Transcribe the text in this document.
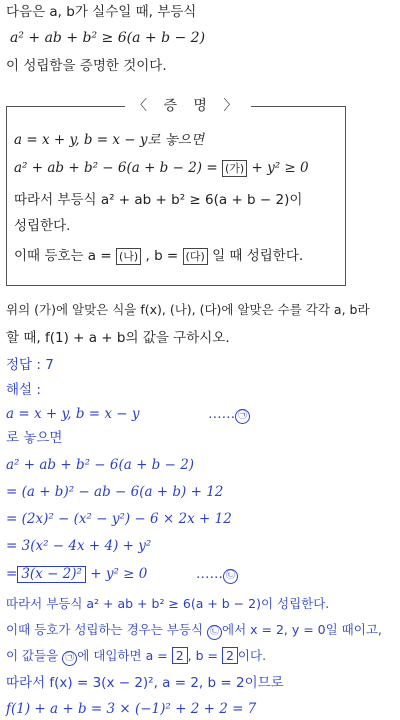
다음은 a, b가 실수일 때, 부등식
a² + ab + b² ≥ 6(a + b − 2)
이 성립함을 증명한 것이다.
〈 증 명 〉
a = x + y, b = x − y로 놓으면
a² + ab + b² − 6(a + b − 2) = (가) + y² ≥ 0
따라서 부등식 a² + ab + b² ≥ 6(a + b − 2)이
성립한다.
이때 등호는 a = (나) , b = (다) 일 때 성립한다.
위의 (가)에 알맞은 식을 f(x), (나), (다)에 알맞은 수를 각각 a, b라
할 때, f(1) + a + b의 값을 구하시오.
정답 : 7
해설 :
a = x + y, b = x − y	…… ㉠
로 놓으면
a² + ab + b² − 6(a + b − 2)
= (a + b)² − ab − 6(a + b) + 12
= (2x)² − (x² − y²) − 6 × 2x + 12
= 3(x² − 4x + 4) + y²
= 3(x − 2)² + y² ≥ 0	…… ㉡
따라서 부등식 a² + ab + b² ≥ 6(a + b − 2)이 성립한다.
이때 등호가 성립하는 경우는 부등식 ㉡ 에서 x = 2, y = 0일 때이고,
이 값들을 ㉠ 에 대입하면 a = 2 , b = 2 이다.
따라서 f(x) = 3(x − 2)², a = 2, b = 2이므로
f(1) + a + b = 3 × (−1)² + 2 + 2 = 7
